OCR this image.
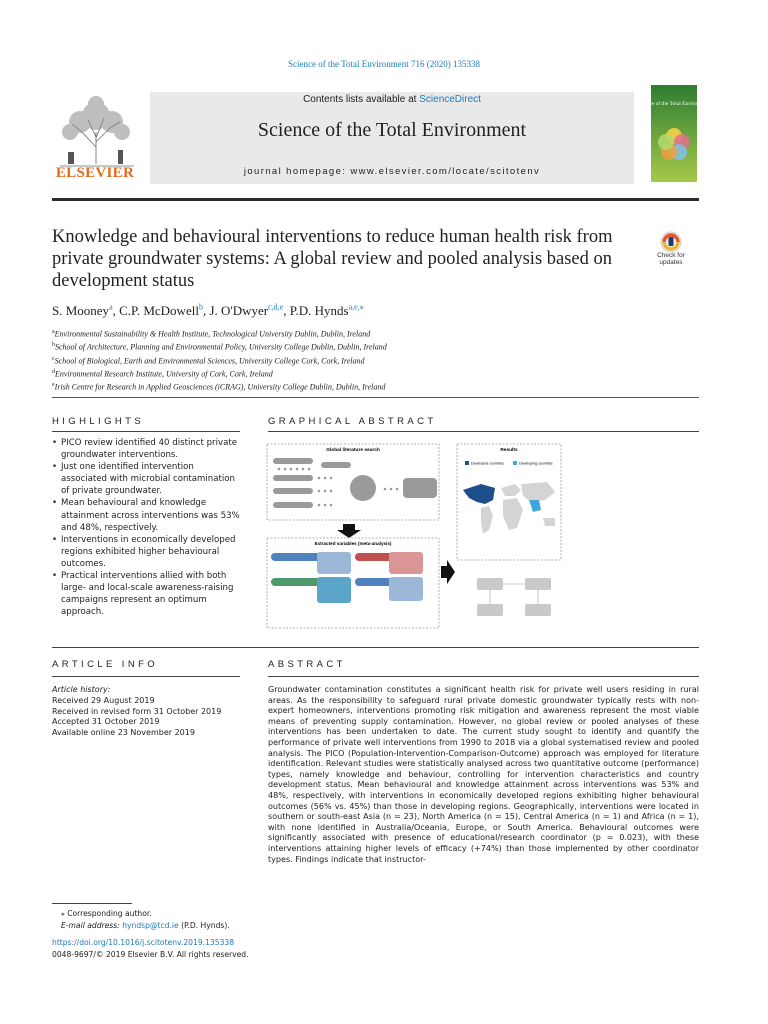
Science of the Total Environment 716 (2020) 135338
Contents lists available at ScienceDirect
Science of the Total Environment
journal homepage: www.elsevier.com/locate/scitotenv
ELSEVIER
Science of the Total Environment
Knowledge and behavioural interventions to reduce human health risk from private groundwater systems: A global review and pooled analysis based on development status
Check for updates
S. Mooney$^a$, C.P. McDowell$^b$, J. O'Dwyer$^{c,d,e}$, P.D. Hynds$^{a,e,⁎}$
$^a$Environmental Sustainability & Health Institute, Technological University Dublin, Dublin, Ireland
$^b$School of Architecture, Planning and Environmental Policy, University College Dublin, Dublin, Ireland
$^c$School of Biological, Earth and Environmental Sciences, University College Cork, Cork, Ireland
$^d$Environmental Research Institute, University of Cork, Cork, Ireland
$^e$Irish Centre for Research in Applied Geosciences (iCRAG), University College Dublin, Dublin, Ireland
HIGHLIGHTS
• PICO review identified 40 distinct private groundwater interventions.
• Just one identified intervention associated with microbial contamination of private groundwater.
• Mean behavioural and knowledge attainment across interventions was 53% and 48%, respectively.
• Interventions in economically developed regions exhibited higher behavioural outcomes.
• Practical interventions allied with both large- and local-scale awareness-raising campaigns represent an optimum approach.
GRAPHICAL ABSTRACT
Global literature search	Results
Developed countries	Developing countries
Extracted variables (meta-analysis)
ARTICLE INFO
Article history:
Received 29 August 2019
Received in revised form 31 October 2019
Accepted 31 October 2019
Available online 23 November 2019
ABSTRACT

Groundwater contamination constitutes a significant health risk for private well users residing in rural areas. As the responsibility to safeguard rural private domestic groundwater typically rests with non-expert homeowners, interventions promoting risk mitigation and awareness represent the most viable means of preventing supply contamination. However, no global review or pooled analyses of these interventions has been undertaken to date. The current study sought to identify and quantify the performance of private well interventions from 1990 to 2018 via a global systematised review and pooled analysis. The PICO (Population-Intervention-Comparison-Outcome) approach was employed for literature identification. Relevant studies were statistically analysed across two quantitative outcome (performance) types, namely knowledge and behaviour, controlling for intervention characteristics and country development status. Mean behavioural and knowledge attainment across interventions was 53% and 48%, respectively, with interventions in economically developed regions exhibiting higher behavioural outcomes (56% vs. 45%) than those in developing regions. Geographically, interventions were located in southern or south-east Asia (n = 23), North America (n = 15), Central America (n = 1) and Africa (n = 1), with none identified in Australia/Oceania, Europe, or South America. Behavioural outcomes were significantly associated with presence of educational/research coordinator (p = 0.023), with these interventions attaining higher levels of efficacy (+74%) than those implemented by other coordinator types. Findings indicate that instructor-

⁎ Corresponding author.
E-mail address: hyndsp@tcd.ie (P.D. Hynds).
https://doi.org/10.1016/j.scitotenv.2019.135338
0048-9697/© 2019 Elsevier B.V. All rights reserved.
